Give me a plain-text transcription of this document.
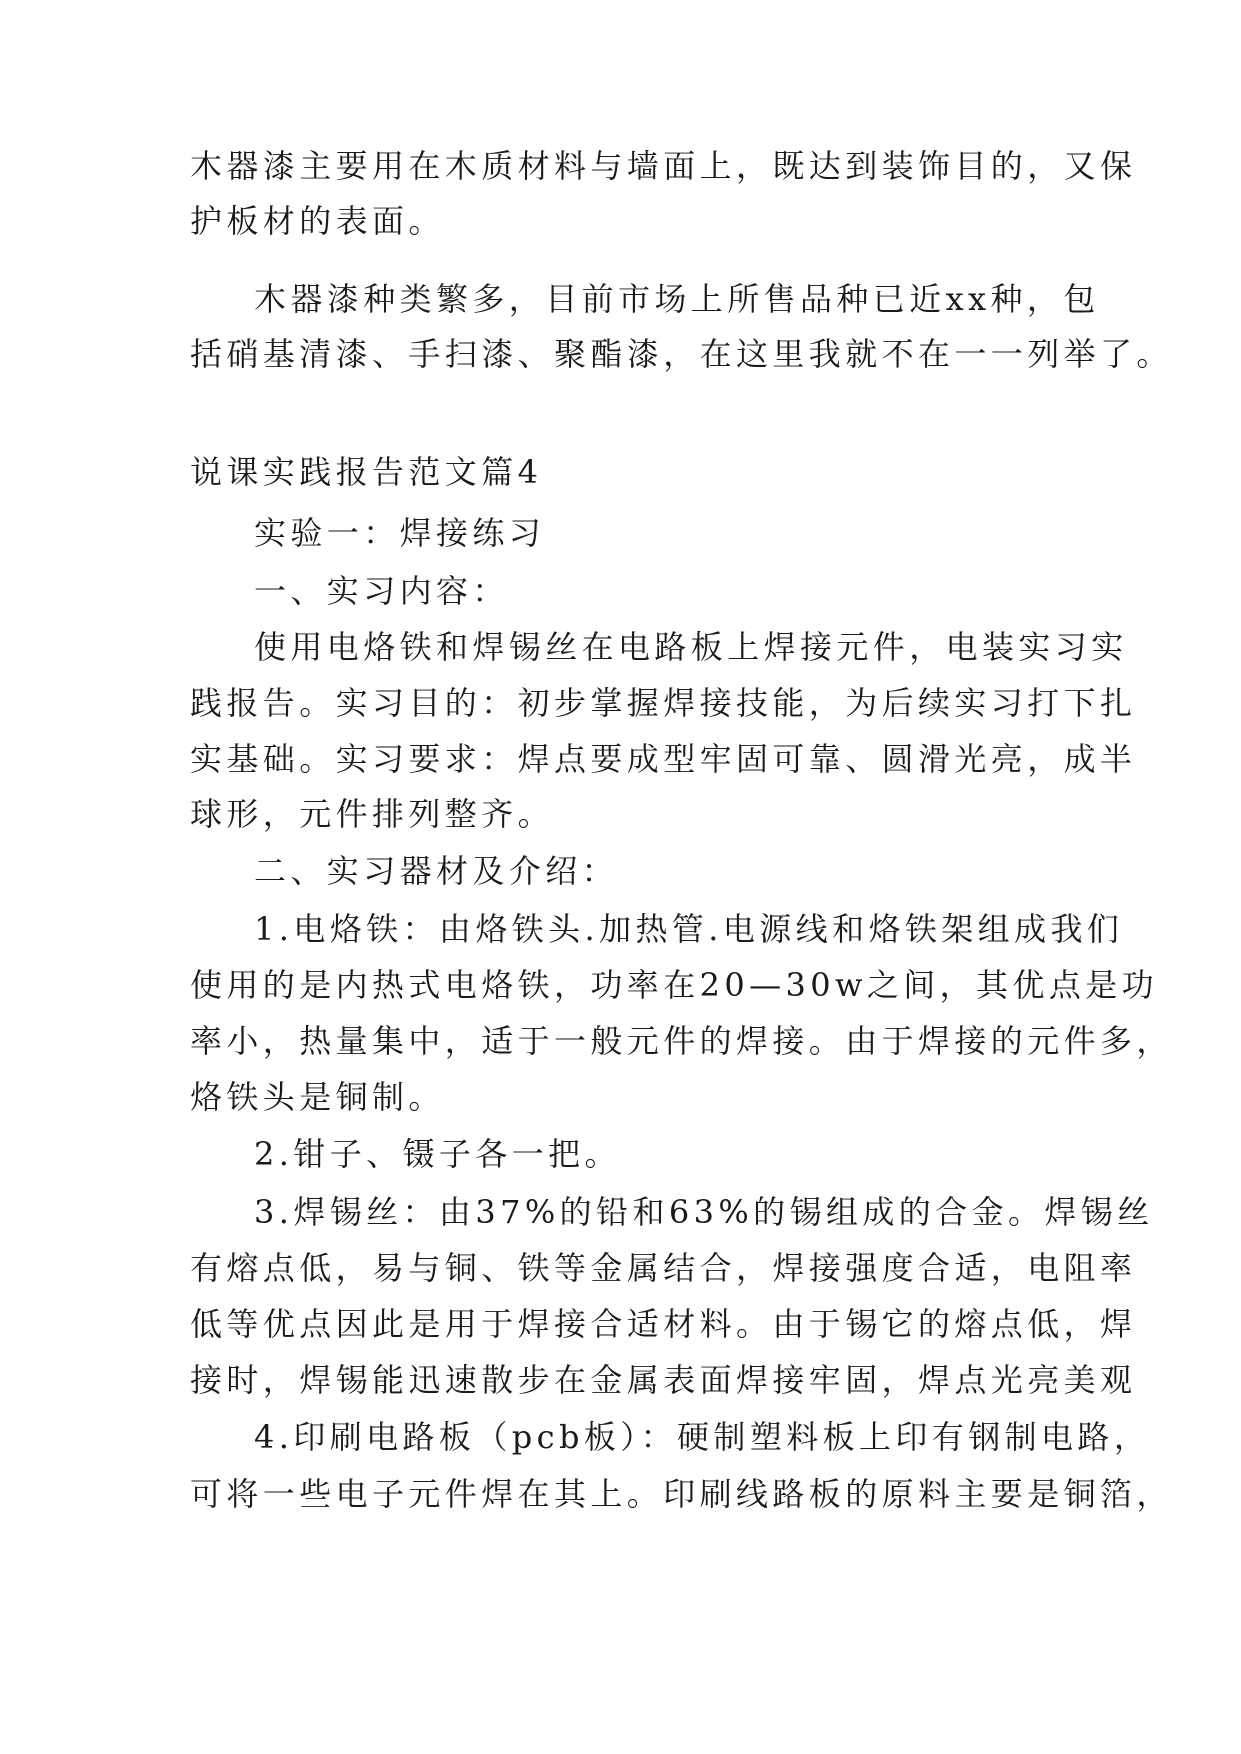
木器漆主要用在木质材料与墙面上，既达到装饰目的，又保
护板材的表面。
木器漆种类繁多，目前市场上所售品种已近xx种，包
括硝基清漆、手扫漆、聚酯漆，在这里我就不在一一列举了。
说课实践报告范文篇4
实验一：焊接练习
一、实习内容：
使用电烙铁和焊锡丝在电路板上焊接元件，电装实习实
践报告。实习目的：初步掌握焊接技能，为后续实习打下扎
实基础。实习要求：焊点要成型牢固可靠、圆滑光亮，成半
球形，元件排列整齐。
二、实习器材及介绍：
1.电烙铁：由烙铁头.加热管.电源线和烙铁架组成我们
使用的是内热式电烙铁，功率在20—30w之间，其优点是功
率小，热量集中，适于一般元件的焊接。由于焊接的元件多，
烙铁头是铜制。
2.钳子、镊子各一把。
3.焊锡丝：由37%的铅和63%的锡组成的合金。焊锡丝
有熔点低，易与铜、铁等金属结合，焊接强度合适，电阻率
低等优点因此是用于焊接合适材料。由于锡它的熔点低，焊
接时，焊锡能迅速散步在金属表面焊接牢固，焊点光亮美观
4.印刷电路板（pcb板）：硬制塑料板上印有钢制电路，
可将一些电子元件焊在其上。印刷线路板的原料主要是铜箔，
